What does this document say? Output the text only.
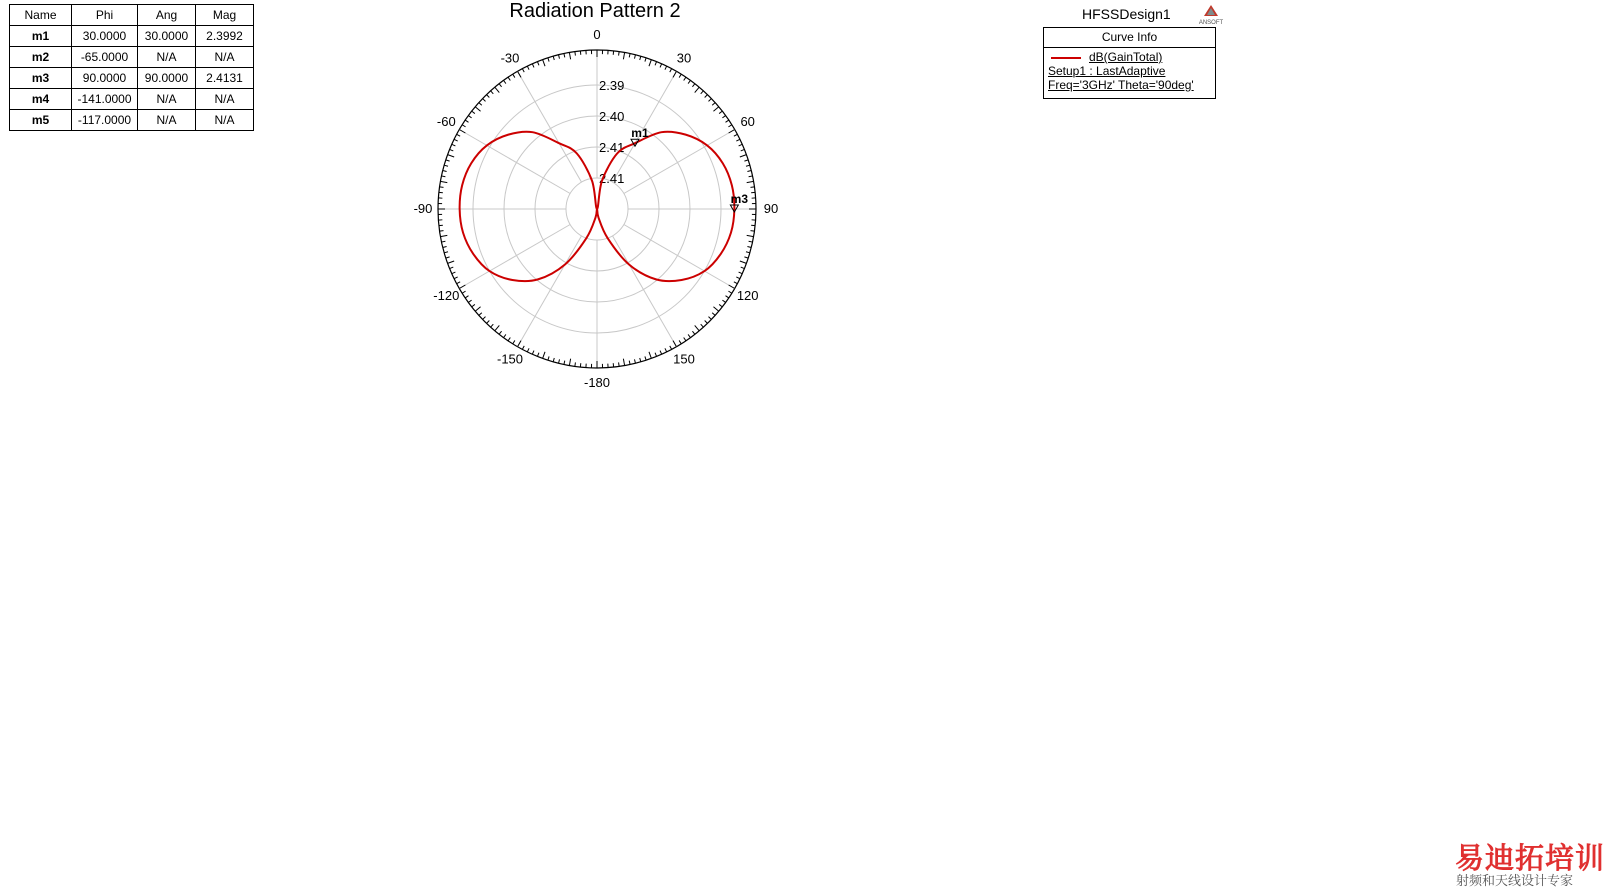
Name	Phi	Ang	Mag
m1	30.0000	30.0000	2.3992
m2	-65.0000	N/A	N/A
m3	90.0000	90.0000	2.4131
m4	-141.0000	N/A	N/A
m5	-117.0000	N/A	N/A
Radiation Pattern 2	HFSSDesign1
ANSOFT
Curve Info
dB(GainTotal)
Setup1 : LastAdaptive
Freq='3GHz' Theta='90deg'
0
30
60
90
120
150
-180
-150
-120
-90
-60
-30
2.39
2.40
2.41
2.41
m1
m3
易迪拓培训
射频和天线设计专家
